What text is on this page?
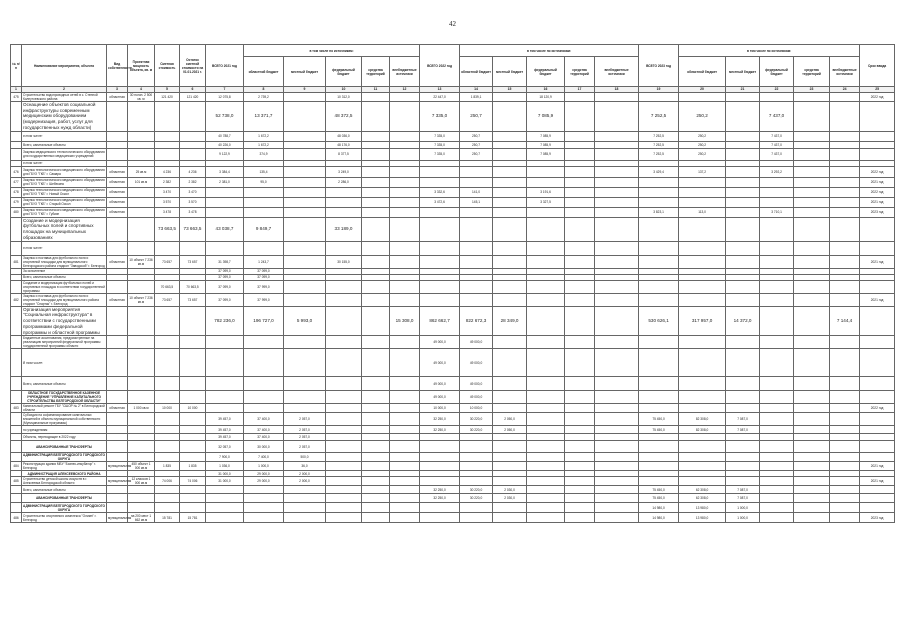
42
№ п/п	Наименование мероприятия, объекта	Вид собственности	Проектная мощность объекта, кв. м	Сметная стоимость	Остаток сметной стоимости на 01.01.2021 г.	ВСЕГО 2021 год	в том числе по источникам:					ВСЕГО 2022 год	в том числе по источникам:					ВСЕГО 2023 год	в том числе по источникам:					Срок ввода
							областной бюджет	местный бюджет	федеральный бюджет	средства территорий	внебюджетные источники		областной бюджет	местный бюджет	федеральный бюджет	средства территорий	внебюджетные источники		областной бюджет	местный бюджет	федеральный бюджет	средства территорий	внебюджетные источники	
1	2	3	4	5	6	7	8	9	10	11	12	13	14	15	16	17	18	19	20	21	22	23	24	25
475	Строительство водопроводных сетей в с. Степной Колнутсевского района	областная	30 погон. 2 500 кв. м	121 420	121 420	12 075,8	2 739,2		10 312,0			22 447,0	1 839,1		18 120,9									2022 год
	Оснащение объектов социальной инфраструктуры современным медицинским оборудованием (модернизация, работ, услуг для государственных нужд области)					52 738,0	13 371,7		48 372,5			7 335,0	250,7		7 085,9			7 252,5	250,2		7 437,0			
	в том числе:					40 788,7	1 672,2		48 036,0			7 335,0	250,7		7 085,9			7 252,5	250,2		7 437,0			
	Всего, капитальные объекты					40 226,0	1 672,2		48 176,0			7 335,0	250,7		7 085,9			7 252,5	250,2		7 437,0			
	Закупка медицинского технологического оборудования для государственных медицинских учреждений					9 122,9	374,9		8 377,5			7 335,0	250,7		7 085,9			7 252,5	250,2		7 437,0			
	в том числе:																							
476	Закупка технологического медицинского оборудования для ГБУЗ "ГКБ" г. Самара	областная	25 кв.м	4 236	4 236	3 384,4	135,4		3 249,0									3 429,4	137,2		3 292,2			2022 год
477	Закупка технологического медицинского оборудования для ГБУЗ "ГКБ" г. Шебекино	областная	101 кв.м	2 382	2 382	2 381,0	95,0		2 286,0															2021 год
478	Закупка технологического медицинского оборудования для ГБУЗ "ГКБ" г. Новый Оскол	областная		3 470	3 470							3 332,6	141,0		3 191,6									2022 год
479	Закупка технологического медицинского оборудования для ГБУЗ "ГКБ" г. Старый Оскол	областная		3 570	3 570							3 472,6	145,1		3 327,5									2021 год
480	Закупка технологического медицинского оборудования для ГБУЗ "ГКБ" г. Губкин	областная		3 478	3 478													3 823,1	113,0		3 710,1			2023 год
	Создание и модернизация футбольных полей и спортивных площадок на муниципальных образованиях			73 663,5	73 663,5	43 038,7	9 849,7		33 189,0															
	в том числе:																							
481	Закупка и поставка для футбольного поля и спортивной площадки для муниципального Белгородского района стадион "Заводской" г. Белгород	областная	10 объект 7 236 кв.м	73 657	73 657	31 398,7	1 243,7		30 155,0															2021 год
	За исполнение					37 099,0	37 099,0																	
	Всего, капитальные объекты					37 099,0	37 099,0																	
	Создание и модернизация футбольных полей и спортивных площадок в соответствии государственной программы			70 663,5	70 663,5	37 099,0	37 999,0																	
482	Закупка и поставка для футбольного поля и спортивной площадки для муниципального района стадион "Спартак" г. Белгород	областная	10 объект 7 236 кв.м	73 657	73 657	37 099,0	37 999,0																	2021 год
	Организация мероприятия "Социальная инфраструктура" в соответствии с государственными программами федеральной программы и областной программы					782 236,0	196 727,0	5 993,0			15 308,0	862 662,7	822 672,3	28 349,0				530 626,1	317 957,0	14 372,0			7 144,4	
	Бюджетные ассигнования, предусмотренные на реализацию мероприятий федеральной программы государственной программы области											49 000,0	49 000,0											
	В том числе:											49 000,0	49 000,0											
	Всего, капитальные объекты											49 000,0	49 000,0											
	ОБЛАСТНОЕ ГОСУДАРСТВЕННОЕ КАЗЕННОЕ УЧРЕЖДЕНИЕ "УПРАВЛЕНИЕ КАПИТАЛЬНОГО СТРОИТЕЛЬСТВА БЕЛГОРОДСКОЙ ОБЛАСТИ"											49 000,0	49 000,0											
483	Капитальный ремонт ГБУ "СШОР № 2" в Белгородской области	областная	1 000 кв.м	10 000	10 000							10 000,0	10 000,0											2022 год
	Субсидии на софинансирование капитальных вложений в объекты муниципальной собственности (Муниципальные программы)					39 457,0	37 400,0	2 057,0				32 250,0	30 220,0	2 050,0				75 450,0	82 308,0	7 087,0				
	по учреждениям					39 457,0	37 400,0	2 057,0				32 250,0	30 220,0	2 050,0				75 450,0	82 308,0	7 087,0				
	Объекты, переходящие в 2022 году					39 457,0	37 400,0	2 057,0																
	АВАНСИРОВАННЫЕ ТРАНСФЕРТЫ					32 057,0	30 000,0	2 057,0																
	АДМИНИСТРАЦИЯ БЕЛГОРОДСКОГО ГОРОДСКОГО ОКРУГА					7 900,0	7 400,0	500,0																
484	Реконструкция здания МБУ "Бизнес-инкубатор" г. Белгород	муниципальная	450 объект 1 000 кв.м	1 835	1 835	1 036,0	1 000,0	36,0																2021 год
	АДМИНИСТРАЦИЯ АЛЕКСЕЕВСКОГО РАЙОНА					31 000,0	29 000,0	2 000,0																
485	Строительство детской школы искусств в г. Алексеевка Белгородской области	муниципальная	12 классов 1 000 кв.м	74 006	74 006	31 000,0	29 000,0	2 000,0																2021 год
	Всего, капитальные объекты											32 250,0	30 220,0	2 030,0				75 450,0	62 308,0	7 087,0				
	АВАНСИРОВАННЫЕ ТРАНСФЕРТЫ											32 250,0	30 220,0	2 030,0				75 450,0	62 308,0	7 087,0				
	АДМИНИСТРАЦИЯ БЕЛГОРОДСКОГО ГОРОДСКОГО ОКРУГА																	14 980,0	13 980,0	1 000,0				
486	Строительство спортивного комплекса "Олимп" г. Белгород	муниципальная	на 200 мест 1 662 кв.м	15 781	15 781													14 980,0	13 980,0	1 000,0				2023 год
